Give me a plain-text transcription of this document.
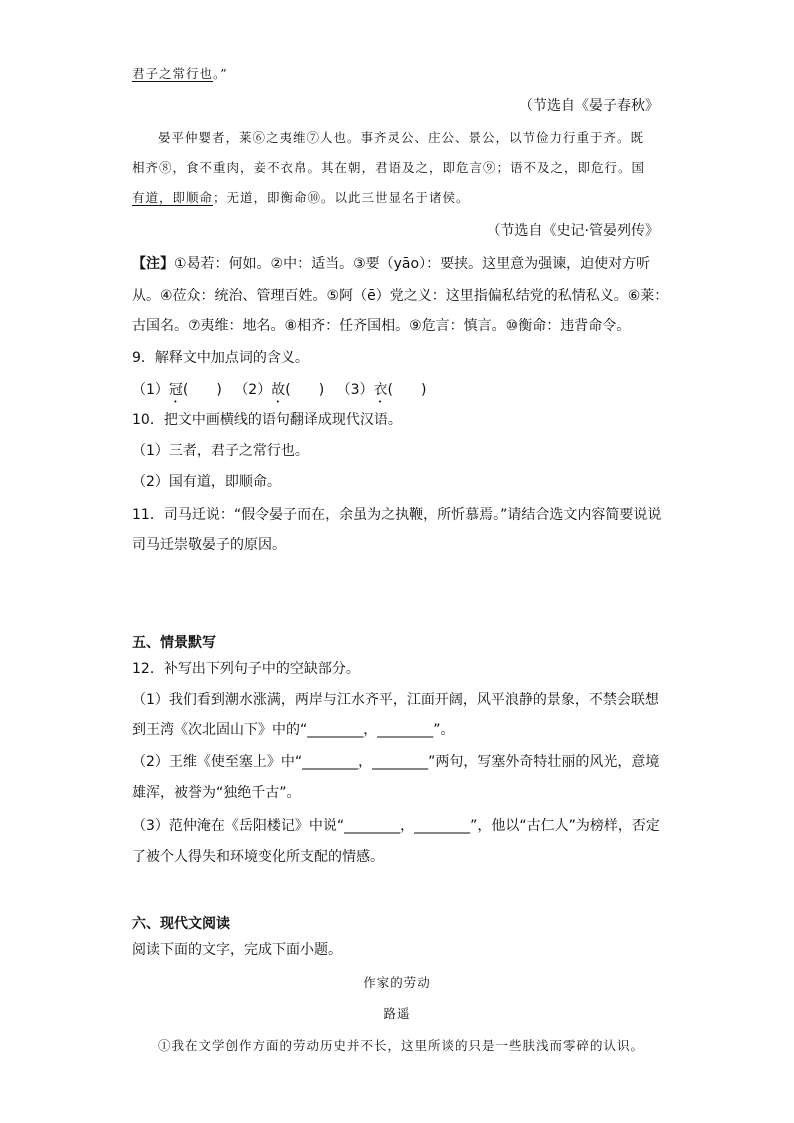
君子之常行也。”
（节选自《晏子春秋》
晏平仲婴者，莱⑥之夷维⑦人也。事齐灵公、庄公、景公，以节俭力行重于齐。既
相齐⑧，食不重肉，妾不衣帛。其在朝，君语及之，即危言⑨；语不及之，即危行。国
有道，即顺命；无道，即衡命⑩。以此三世显名于诸侯。
（节选自《史记·管晏列传》
【注】①曷若：何如。②中：适当。③要（yāo）：要挟。这里意为强谏，迫使对方听
从。④莅众：统治、管理百姓。⑤阿（ē）党之义：这里指偏私结党的私情私义。⑥莱：
古国名。⑦夷维：地名。⑧相齐：任齐国相。⑨危言：慎言。⑩衡命：违背命令。
9．解释文中加点词的含义。
（1）冠(　　) （2）故(　　) （3）衣(　　)
10．把文中画横线的语句翻译成现代汉语。
（1）三者，君子之常行也。
（2）国有道，即顺命。
11．司马迁说：“假令晏子而在，余虽为之执鞭，所忻慕焉。”请结合选文内容简要说说
司马迁崇敬晏子的原因。
五、情景默写
12．补写出下列句子中的空缺部分。
（1）我们看到潮水涨满，两岸与江水齐平，江面开阔，风平浪静的景象，不禁会联想
到王湾《次北固山下》中的“________，________”。
（2）王维《使至塞上》中“________，________”两句，写塞外奇特壮丽的风光，意境
雄浑，被誉为“独绝千古”。
（3）范仲淹在《岳阳楼记》中说“________，________”，他以“古仁人”为榜样，否定
了被个人得失和环境变化所支配的情感。
六、现代文阅读
阅读下面的文字，完成下面小题。
作家的劳动
路遥
①我在文学创作方面的劳动历史并不长，这里所谈的只是一些肤浅而零碎的认识。
